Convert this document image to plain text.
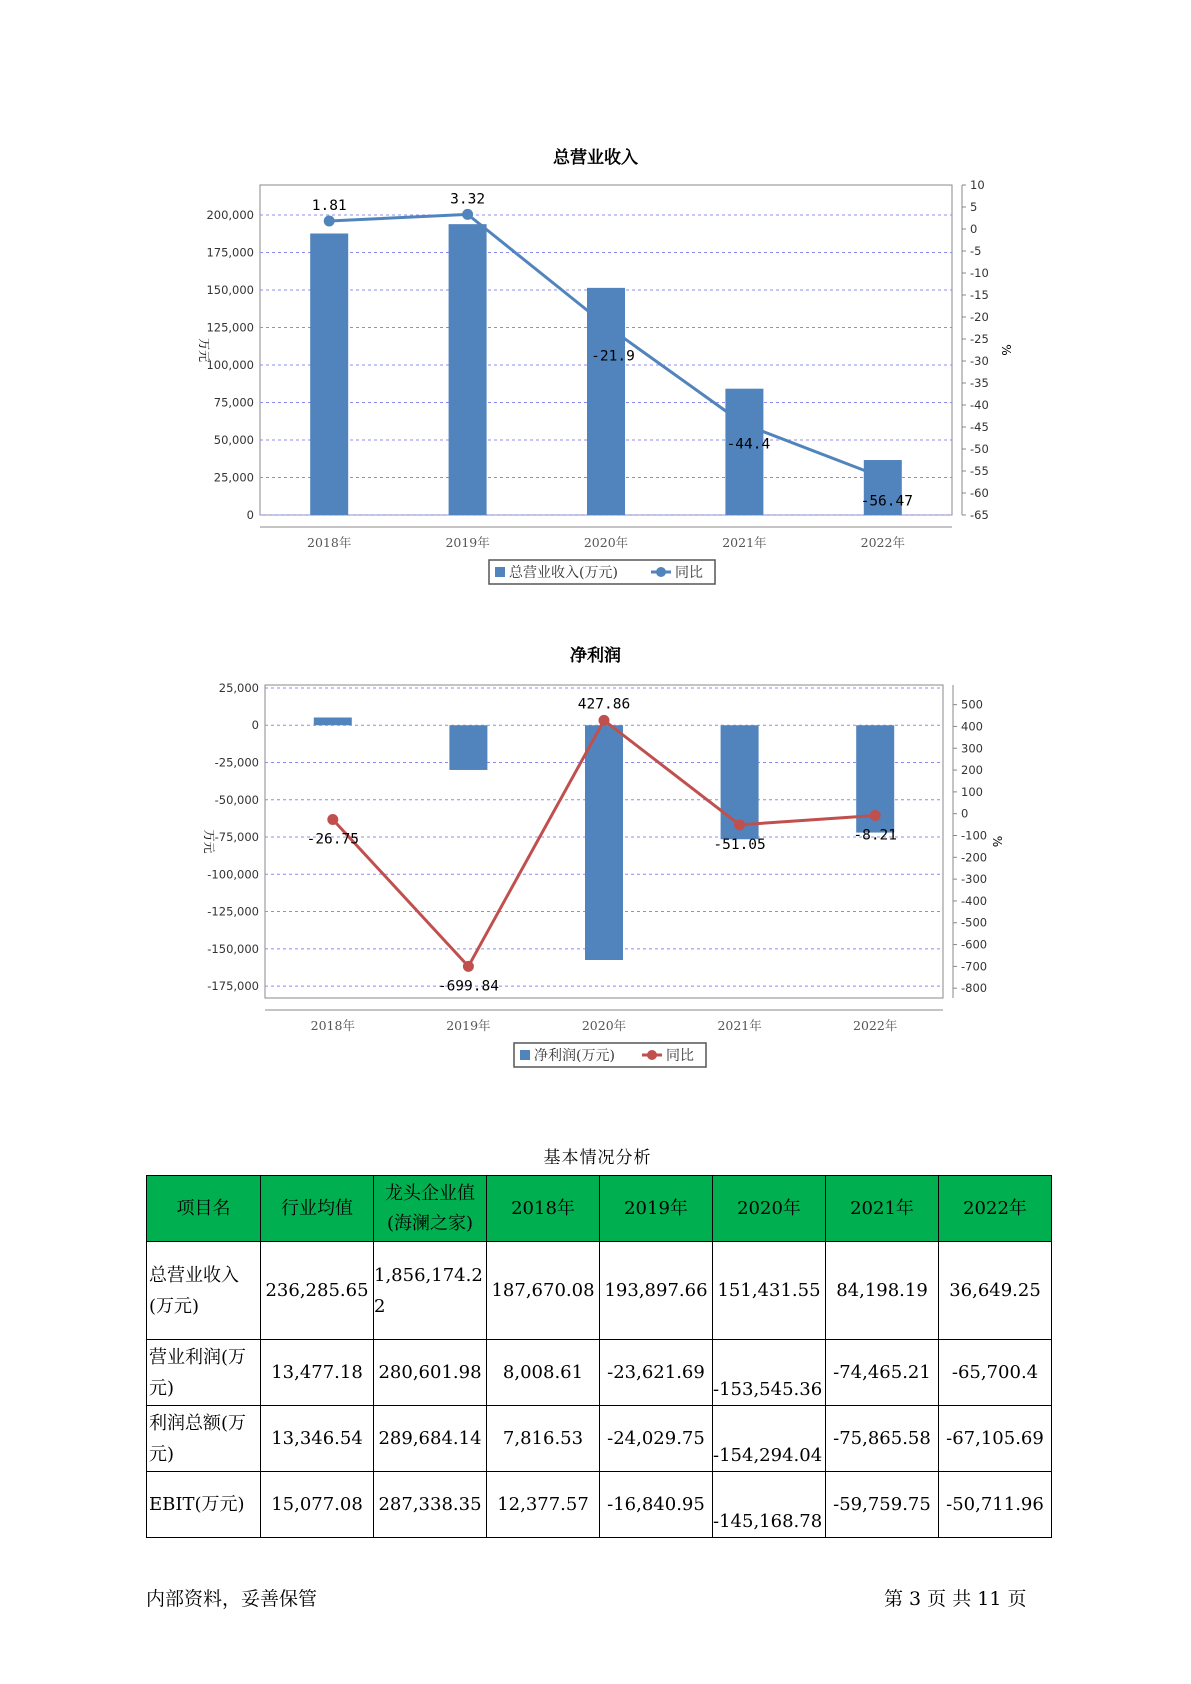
总营业收入
0
25,000
50,000
75,000
100,000
125,000
150,000
175,000
200,000
10
5
0
-5
-10
-15
-20
-25
-30
-35
-40
-45
-50
-55
-60
-65
万元	%
2018年	2019年	2020年	2021年	2022年
1.81	3.32
-21.9
-44.4
-56.47
总营业收入(万元)	同比
净利润
25,000
0
-25,000
-50,000
-75,000
-100,000
-125,000
-150,000
-175,000
500
400
300
200
100
0
-100
-200
-300
-400
-500
-600
-700
-800
万元	%
2018年	2019年	2020年	2021年	2022年
-26.75
-699.84
427.86
-51.05
-8.21
净利润(万元)	同比
基本情况分析
项目名	行业均值	龙头企业值(海澜之家)	2018年	2019年	2020年	2021年	2022年
总营业收入(万元)	236,285.65	1,856,174.22	187,670.08	193,897.66	151,431.55	84,198.19	36,649.25
营业利润(万元)	13,477.18	280,601.98	8,008.61	-23,621.69	-153,545.36	-74,465.21	-65,700.4
利润总额(万元)	13,346.54	289,684.14	7,816.53	-24,029.75	-154,294.04	-75,865.58	-67,105.69
EBIT(万元)	15,077.08	287,338.35	12,377.57	-16,840.95	-145,168.78	-59,759.75	-50,711.96
内部资料，妥善保管	第 3 页 共 11 页
